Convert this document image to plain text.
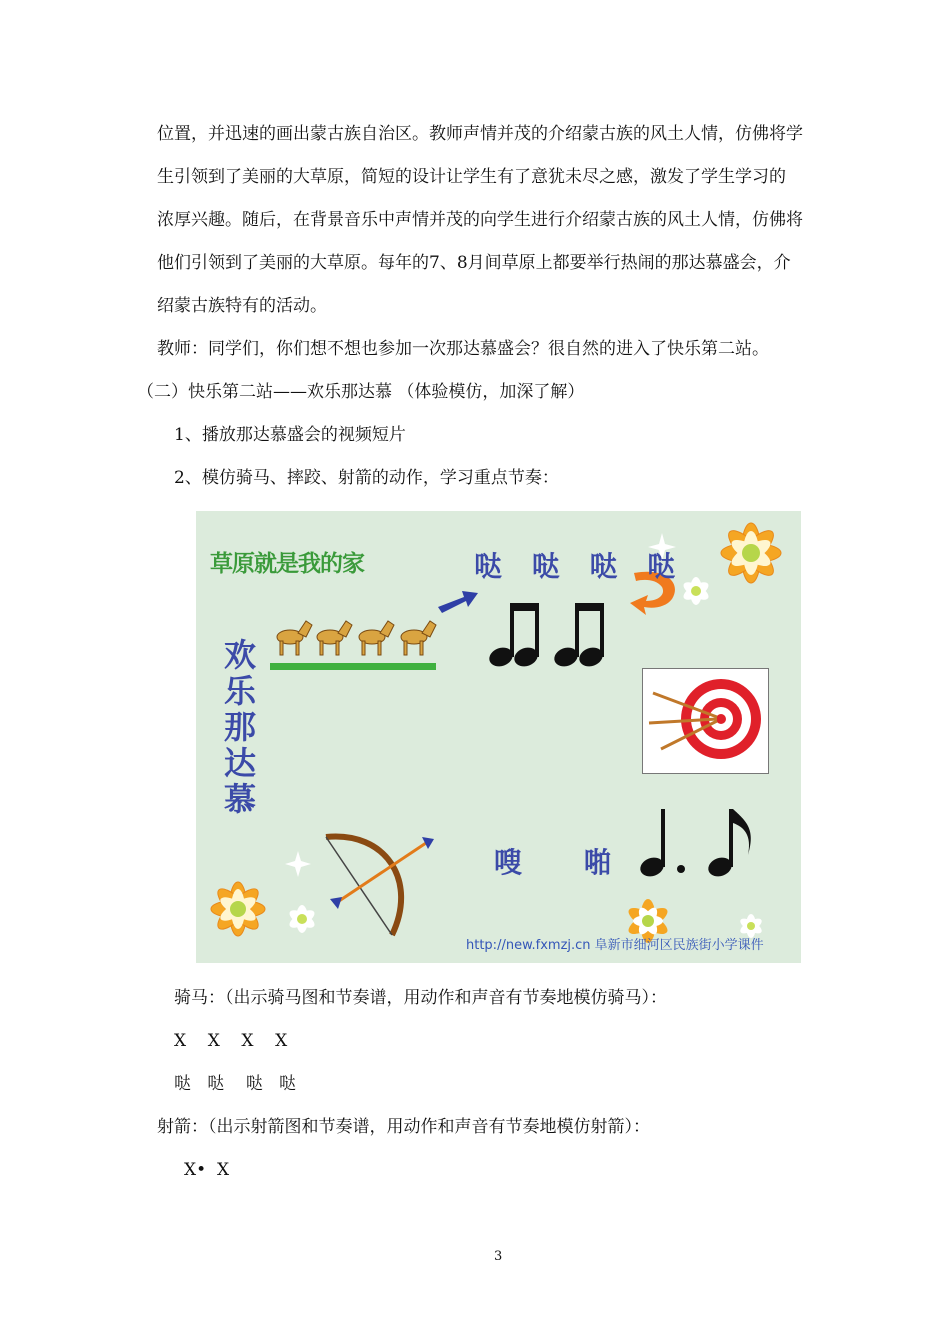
位置，并迅速的画出蒙古族自治区。教师声情并茂的介绍蒙古族的风土人情，仿佛将学
生引领到了美丽的大草原，简短的设计让学生有了意犹未尽之感，激发了学生学习的
浓厚兴趣。随后，在背景音乐中声情并茂的向学生进行介绍蒙古族的风土人情，仿佛将
他们引领到了美丽的大草原。每年的7、8月间草原上都要举行热闹的那达慕盛会，介
绍蒙古族特有的活动。
教师：同学们，你们想不想也参加一次那达慕盛会？很自然的进入了快乐第二站。
（二）快乐第二站——欢乐那达慕 （体验模仿，加深了解）
1、播放那达慕盛会的视频短片
2、模仿骑马、摔跤、射箭的动作，学习重点节奏：
草原就是我的家
欢
乐
那
达
慕
哒 哒 哒 哒
嗖 啪
http://new.fxmzj.cn 阜新市细河区民族街小学课件
骑马：（出示骑马图和节奏谱，用动作和声音有节奏地模仿骑马）：
X    X    X    X
哒   哒    哒   哒
射箭：（出示射箭图和节奏谱，用动作和声音有节奏地模仿射箭）：
X•  X
3
